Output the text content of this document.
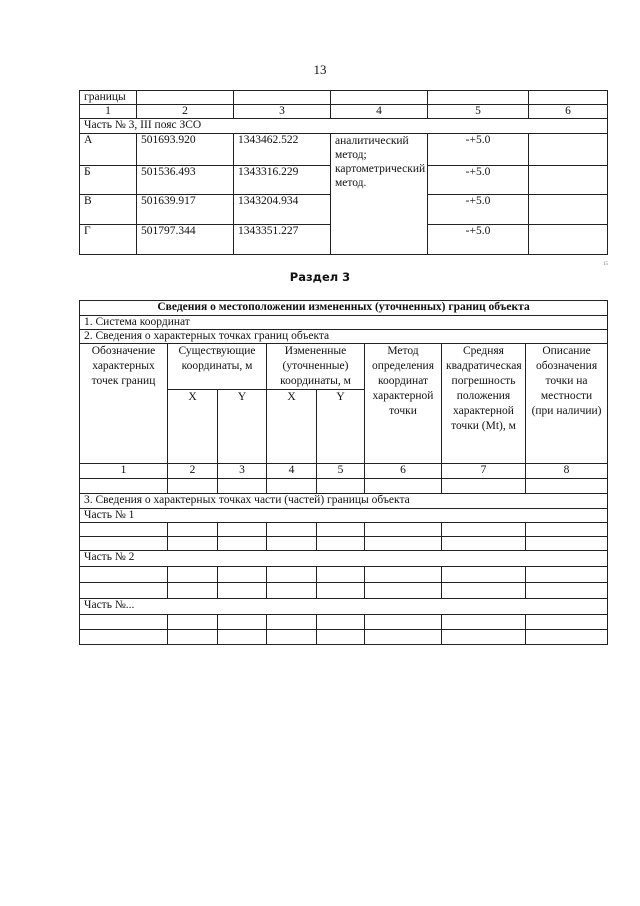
13
границы					
1	2	3	4	5	6
Часть № 3, III пояс ЗСО					
А	501693.920	1343462.522	аналитический метод; картометрический метод.	-+5.0	
Б	501536.493	1343316.229		-+5.0	
В	501639.917	1343204.934		-+5.0	
Г	501797.344	1343351.227		-+5.0	
15
Раздел 3
Сведения о местоположении измененных (уточненных) границ объекта							
1. Система координат							
2. Сведения о характерных точках границ объекта							
Обозначение характерных точек границ	Существующие координаты, м		Измененные (уточненные) координаты, м		Метод определения координат характерной точки	Средняя квадратическая погрешность положения характерной точки (Mt), м	Описание обозначения точки на местности (при наличии)
	X	Y	X	Y			
1	2	3	4	5	6	7	8

3. Сведения о характерных точках части (частей) границы объекта							
Часть № 1							

Часть № 2							

Часть №...							
